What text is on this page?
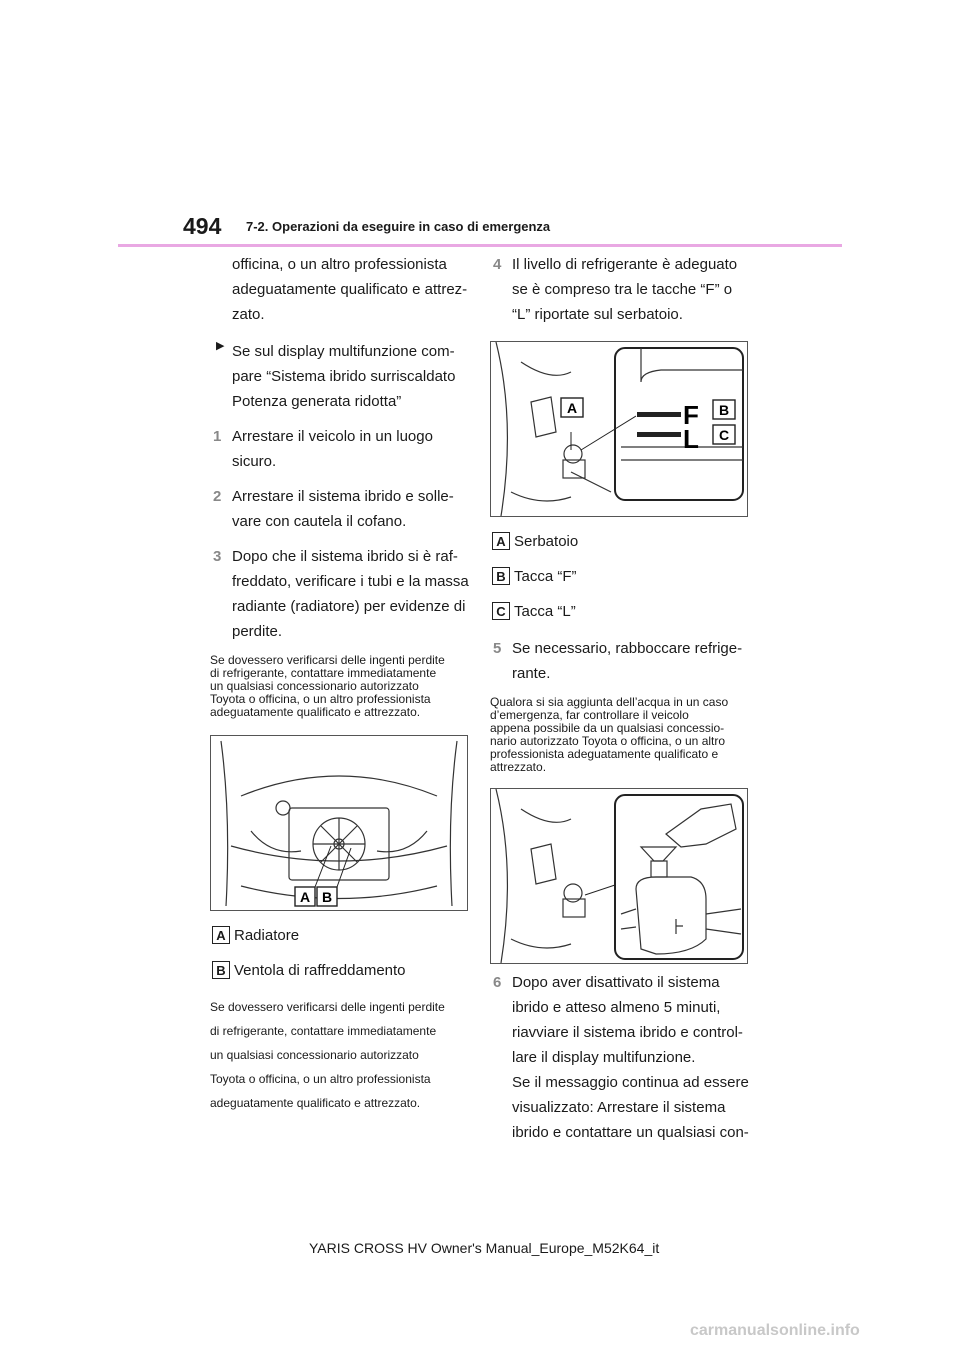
494 7-2. Operazioni da eseguire in caso di emergenza

officina, o un altro professionista

adeguatamente qualificato e attrez-

zato.

▶ Se sul display multifunzione com-

pare “Sistema ibrido surriscaldato

Potenza generata ridotta”

1 Arrestare il veicolo in un luogo

sicuro.

2 Arrestare il sistema ibrido e solle-

vare con cautela il cofano.

3 Dopo che il sistema ibrido si è raf-

freddato, verificare i tubi e la massa

radiante (radiatore) per evidenze di

perdite.

Se dovessero verificarsi delle ingenti perdite
di refrigerante, contattare immediatamente
un qualsiasi concessionario autorizzato
Toyota o officina, o un altro professionista
adeguatamente qualificato e attrezzato.
A B
A Radiatore
B Ventola di raffreddamento
Se dovessero verificarsi delle ingenti perdite
di refrigerante, contattare immediatamente
un qualsiasi concessionario autorizzato
Toyota o officina, o un altro professionista
adeguatamente qualificato e attrezzato.
4 Il livello di refrigerante è adeguato

se è compreso tra le tacche “F” o

“L” riportate sul serbatoio.

A	F
L
B
C
A Serbatoio
B Tacca “F”
C Tacca “L”
5 Se necessario, rabboccare refrige-

rante.

Qualora si sia aggiunta dell’acqua in un caso
d’emergenza, far controllare il veicolo
appena possibile da un qualsiasi concessio-
nario autorizzato Toyota o officina, o un altro
professionista adeguatamente qualificato e
attrezzato.
6 Dopo aver disattivato il sistema

ibrido e atteso almeno 5 minuti,

riavviare il sistema ibrido e control-

lare il display multifunzione.

Se il messaggio continua ad essere

visualizzato: Arrestare il sistema

ibrido e contattare un qualsiasi con-

YARIS CROSS HV Owner's Manual_Europe_M52K64_it
carmanualsonline.info
